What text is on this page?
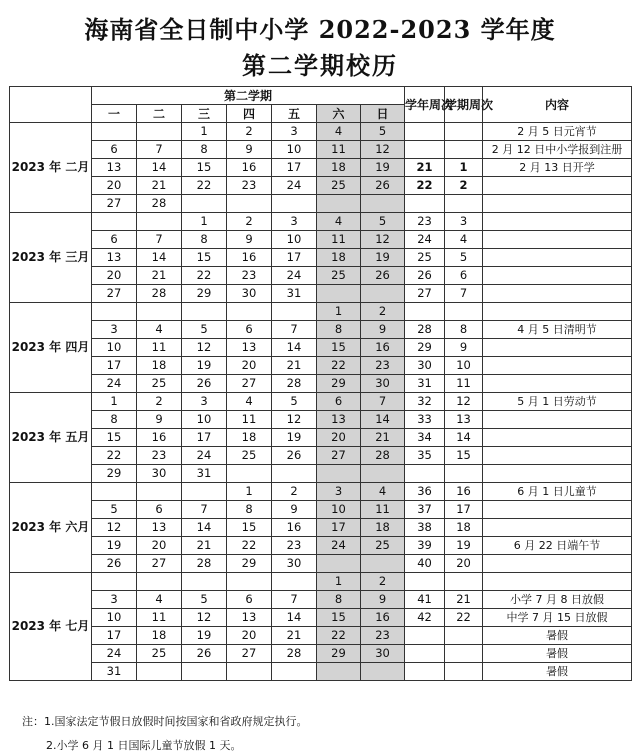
海南省全日制中小学 2022-2023 学年度
第二学期校历
	第二学期							学年周次	学期周次	内容
	一	二	三	四	五	六	日			
2023 年 二月			1	2	3	4	5			2 月 5 日元宵节
	6	7	8	9	10	11	12			2 月 12 日中小学报到注册
	13	14	15	16	17	18	19	21	1	2 月 13 日开学
	20	21	22	23	24	25	26	22	2	
	27	28								
2023 年 三月			1	2	3	4	5	23	3	
	6	7	8	9	10	11	12	24	4	
	13	14	15	16	17	18	19	25	5	
	20	21	22	23	24	25	26	26	6	
	27	28	29	30	31			27	7	
2023 年 四月						1	2			
	3	4	5	6	7	8	9	28	8	4 月 5 日清明节
	10	11	12	13	14	15	16	29	9	
	17	18	19	20	21	22	23	30	10	
	24	25	26	27	28	29	30	31	11	
2023 年 五月	1	2	3	4	5	6	7	32	12	5 月 1 日劳动节
	8	9	10	11	12	13	14	33	13	
	15	16	17	18	19	20	21	34	14	
	22	23	24	25	26	27	28	35	15	
	29	30	31							
2023 年 六月				1	2	3	4	36	16	6 月 1 日儿童节
	5	6	7	8	9	10	11	37	17	
	12	13	14	15	16	17	18	38	18	
	19	20	21	22	23	24	25	39	19	6 月 22 日端午节
	26	27	28	29	30			40	20	
2023 年 七月						1	2			
	3	4	5	6	7	8	9	41	21	小学 7 月 8 日放假
	10	11	12	13	14	15	16	42	22	中学 7 月 15 日放假
	17	18	19	20	21	22	23			暑假
	24	25	26	27	28	29	30			暑假
	31									暑假
注：1.国家法定节假日放假时间按国家和省政府规定执行。
2.小学 6 月 1 日国际儿童节放假 1 天。
